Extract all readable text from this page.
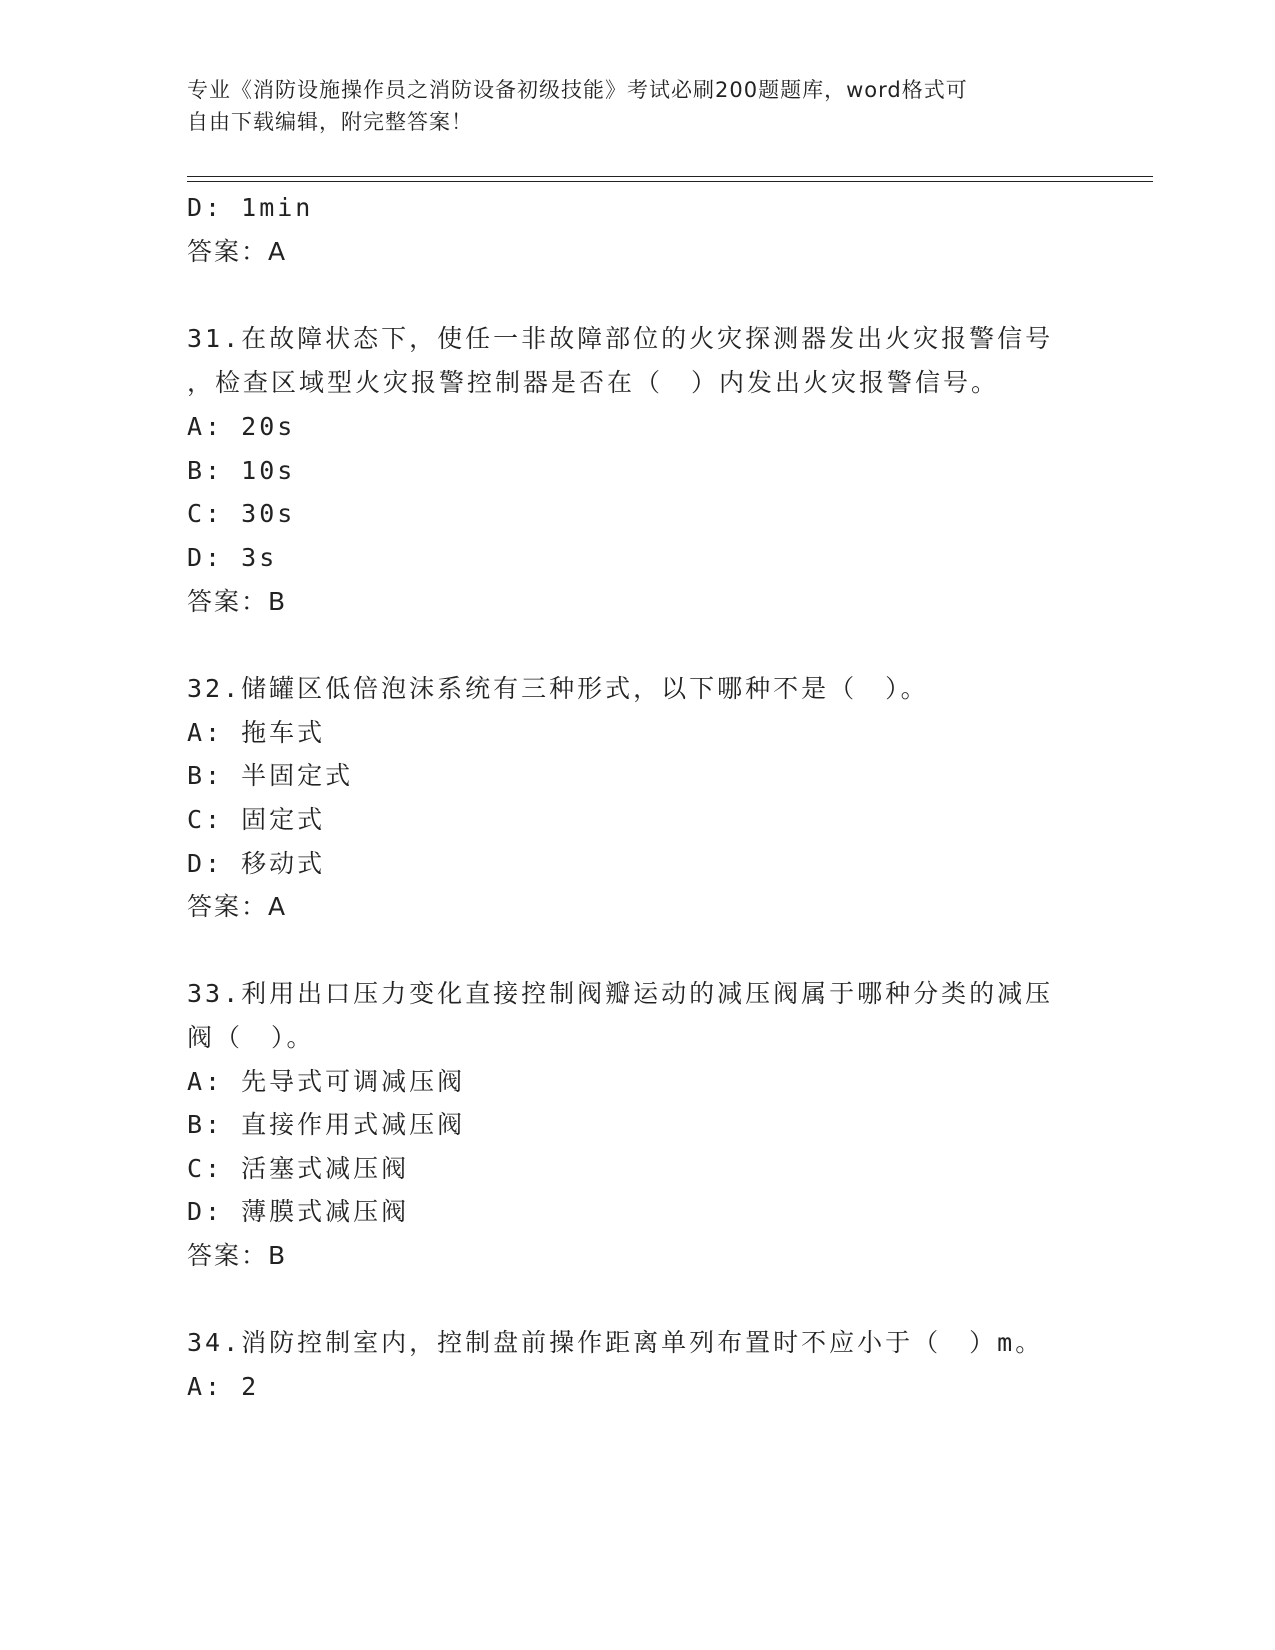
专业《消防设施操作员之消防设备初级技能》考试必刷200题题库，word格式可
自由下载编辑，附完整答案！
D: 1min
答案：A
31.在故障状态下，使任一非故障部位的火灾探测器发出火灾报警信号
，检查区域型火灾报警控制器是否在（　）内发出火灾报警信号。
A: 20s
B: 10s
C: 30s
D: 3s
答案：B
32.储罐区低倍泡沫系统有三种形式，以下哪种不是（　）。
A: 拖车式
B: 半固定式
C: 固定式
D: 移动式
答案：A
33.利用出口压力变化直接控制阀瓣运动的减压阀属于哪种分类的减压
阀（　）。
A: 先导式可调减压阀
B: 直接作用式减压阀
C: 活塞式减压阀
D: 薄膜式减压阀
答案：B
34.消防控制室内，控制盘前操作距离单列布置时不应小于（　）m。
A: 2
